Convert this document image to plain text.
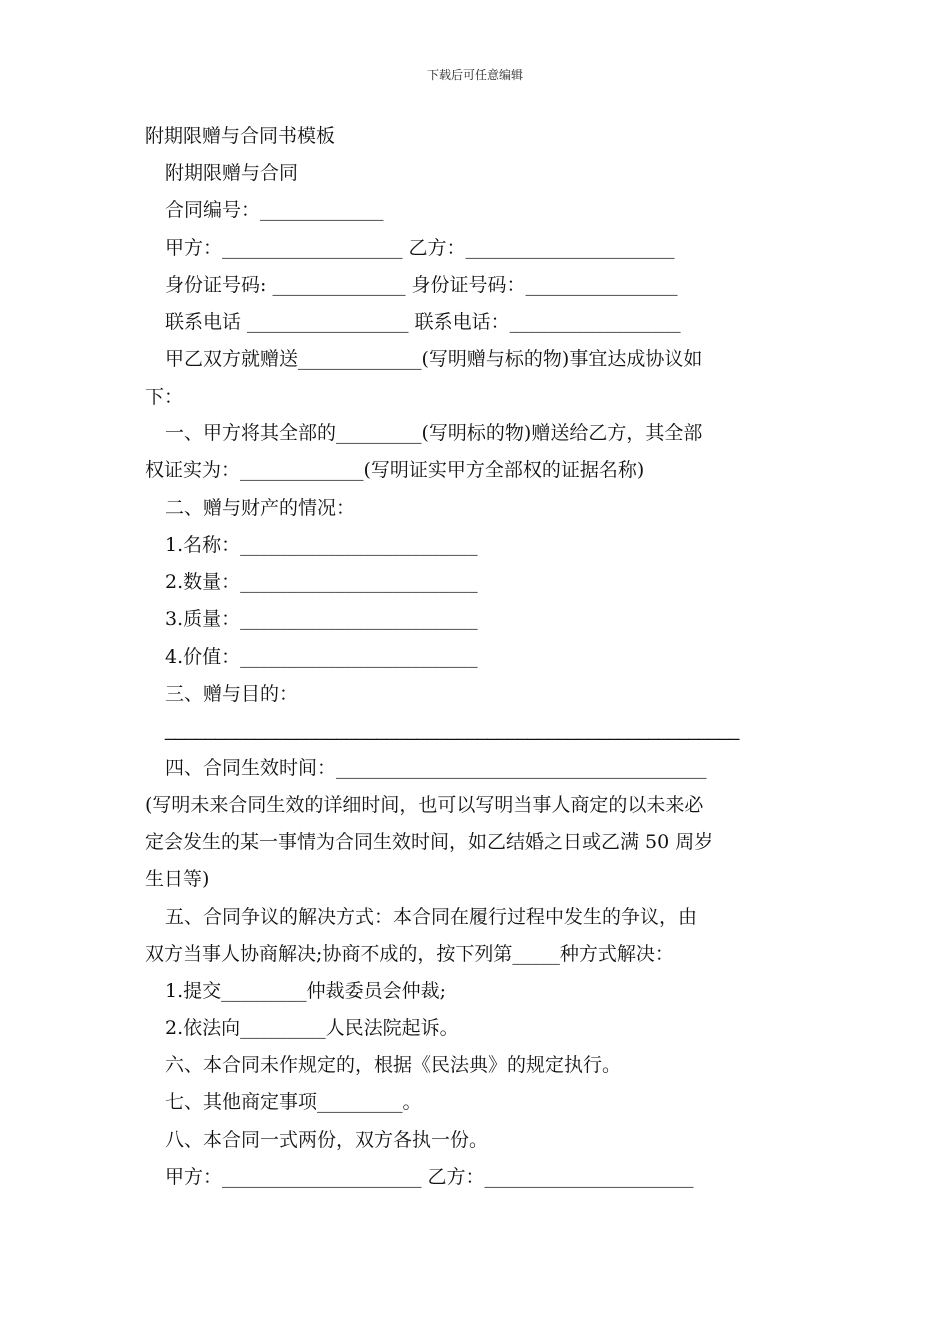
下载后可任意编辑
附期限赠与合同书模板
附期限赠与合同
合同编号：_____________
甲方：___________________ 乙方：______________________
身份证号码: ______________ 身份证号码：________________
联系电话 _________________ 联系电话：__________________
甲乙双方就赠送_____________(写明赠与标的物)事宜达成协议如
下：
一、甲方将其全部的_________(写明标的物)赠送给乙方，其全部
权证实为：_____________(写明证实甲方全部权的证据名称)
二、赠与财产的情况：
1.名称：_________________________
2.数量：_________________________
3.质量：_________________________
4.价值：_________________________
三、赠与目的：
_________________________________________________________
四、合同生效时间：_______________________________________
(写明未来合同生效的详细时间，也可以写明当事人商定的以未来必
定会发生的某一事情为合同生效时间，如乙结婚之日或乙满 50 周岁
生日等)
五、合同争议的解决方式：本合同在履行过程中发生的争议，由
双方当事人协商解决;协商不成的，按下列第_____种方式解决：
1.提交_________仲裁委员会仲裁;
2.依法向_________人民法院起诉。
六、本合同未作规定的，根据《民法典》的规定执行。
七、其他商定事项_________。
八、本合同一式两份，双方各执一份。
甲方：_____________________ 乙方：______________________
